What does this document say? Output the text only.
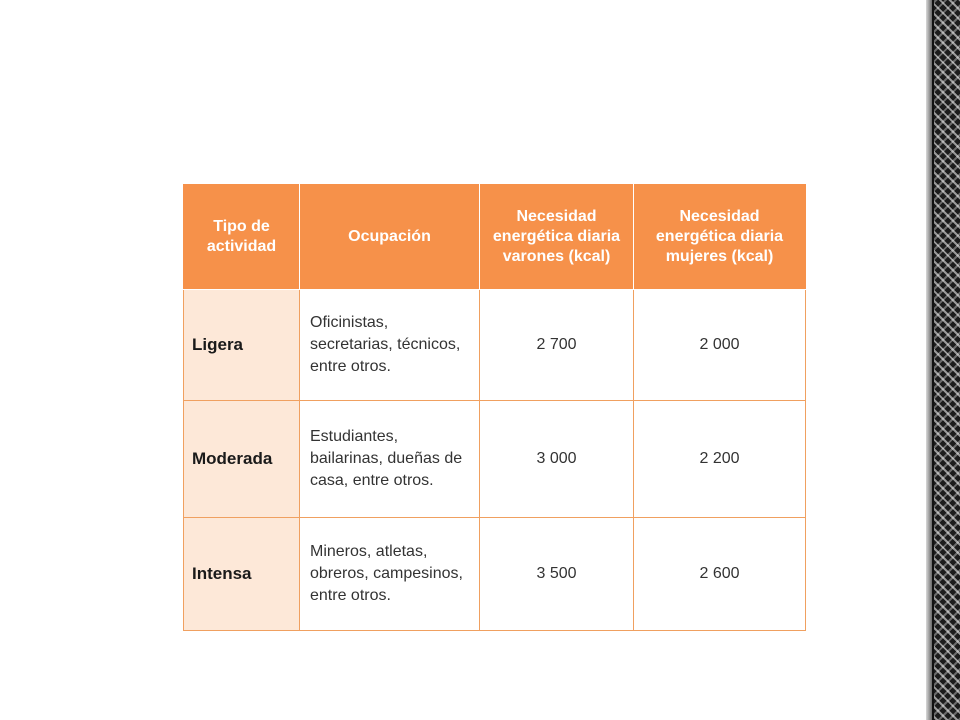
Tipo de actividad	Ocupación	Necesidad energética diaria varones (kcal)	Necesidad energética diaria mujeres (kcal)
Ligera	Oficinistas, secretarias, técnicos, entre otros.	2 700	2 000
Moderada	Estudiantes, bailarinas, dueñas de casa, entre otros.	3 000	2 200
Intensa	Mineros, atletas, obreros, campesinos, entre otros.	3 500	2 600
